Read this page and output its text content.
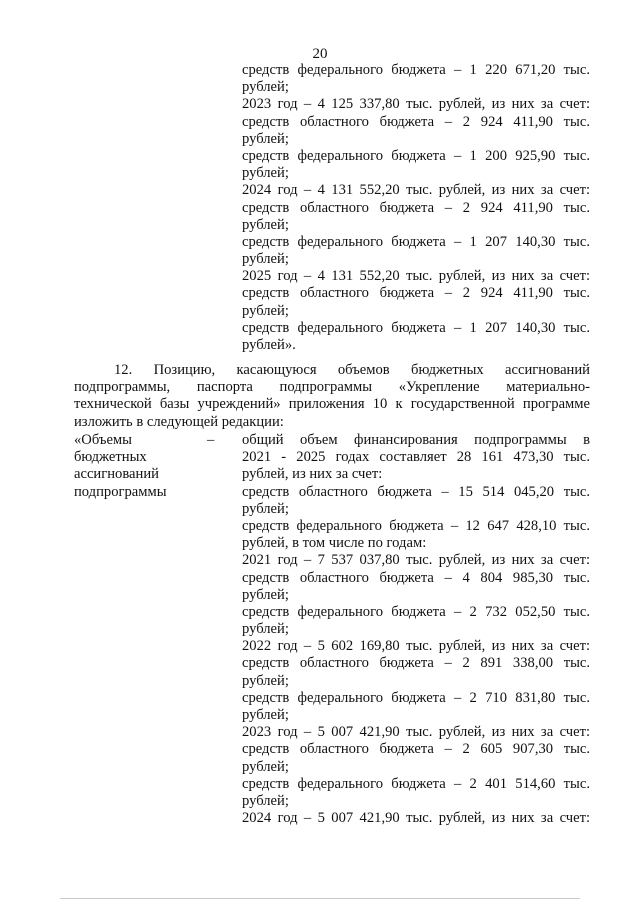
20
средств федерального бюджета – 1 220 671,20 тыс.
рублей;
2023 год – 4 125 337,80 тыс. рублей, из них за счет:
средств областного бюджета – 2 924 411,90 тыс.
рублей;
средств федерального бюджета – 1 200 925,90 тыс.
рублей;
2024 год – 4 131 552,20 тыс. рублей, из них за счет:
средств областного бюджета – 2 924 411,90 тыс.
рублей;
средств федерального бюджета – 1 207 140,30 тыс.
рублей;
2025 год – 4 131 552,20 тыс. рублей, из них за счет:
средств областного бюджета – 2 924 411,90 тыс.
рублей;
средств федерального бюджета – 1 207 140,30 тыс.
рублей».
12. Позицию, касающуюся объемов бюджетных ассигнований
подпрограммы, паспорта подпрограммы «Укрепление материально-
технической базы учреждений» приложения 10 к государственной программе
изложить в следующей редакции:
«Объемы	– общий объем финансирования подпрограммы в
бюджетных	2021 - 2025 годах составляет 28 161 473,30 тыс.
ассигнований	рублей, из них за счет:
подпрограммы	средств областного бюджета – 15 514 045,20 тыс.
рублей;
средств федерального бюджета – 12 647 428,10 тыс.
рублей, в том числе по годам:
2021 год – 7 537 037,80 тыс. рублей, из них за счет:
средств областного бюджета – 4 804 985,30 тыс.
рублей;
средств федерального бюджета – 2 732 052,50 тыс.
рублей;
2022 год – 5 602 169,80 тыс. рублей, из них за счет:
средств областного бюджета – 2 891 338,00 тыс.
рублей;
средств федерального бюджета – 2 710 831,80 тыс.
рублей;
2023 год – 5 007 421,90 тыс. рублей, из них за счет:
средств областного бюджета – 2 605 907,30 тыс.
рублей;
средств федерального бюджета – 2 401 514,60 тыс.
рублей;
2024 год – 5 007 421,90 тыс. рублей, из них за счет:
